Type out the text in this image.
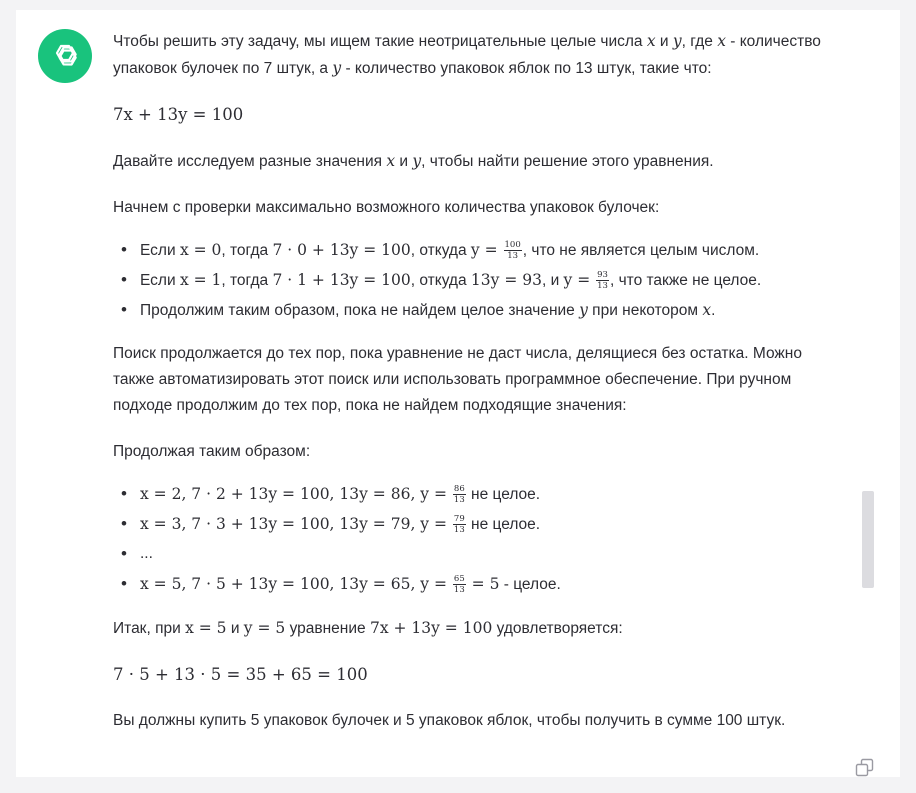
Чтобы решить эту задачу, мы ищем такие неотрицательные целые числа x и y, где x - количество
упаковок булочек по 7 штук, а y - количество упаковок яблок по 13 штук, такие что:

7x + 13y = 100

Давайте исследуем разные значения x и y, чтобы найти решение этого уравнения.

Начнем с проверки максимально возможного количества упаковок булочек:

• Если x = 0, тогда 7 · 0 + 13y = 100, откуда $y = \frac{100}{13}$ , что не является целым числом.
• Если x = 1, тогда 7 · 1 + 13y = 100, откуда 13y = 93, и $y = \frac{93}{13}$ , что также не целое.
• Продолжим таким образом, пока не найдем целое значение y при некотором x.

Поиск продолжается до тех пор, пока уравнение не даст числа, делящиеся без остатка. Можно
также автоматизировать этот поиск или использовать программное обеспечение. При ручном
подходе продолжим до тех пор, пока не найдем подходящие значения:

Продолжая таким образом:

• x = 2, 7 · 2 + 13y = 100, 13y = 86, $y = \frac{86}{13}$ не целое.
• x = 3, 7 · 3 + 13y = 100, 13y = 79, $y = \frac{79}{13}$ не целое.
• ...
• x = 5, 7 · 5 + 13y = 100, 13y = 65, $y = \frac{65}{13} = 5$ - целое.

Итак, при x = 5 и y = 5 уравнение 7x + 13y = 100 удовлетворяется:

7 · 5 + 13 · 5 = 35 + 65 = 100

Вы должны купить 5 упаковок булочек и 5 упаковок яблок, чтобы получить в сумме 100 штук.
